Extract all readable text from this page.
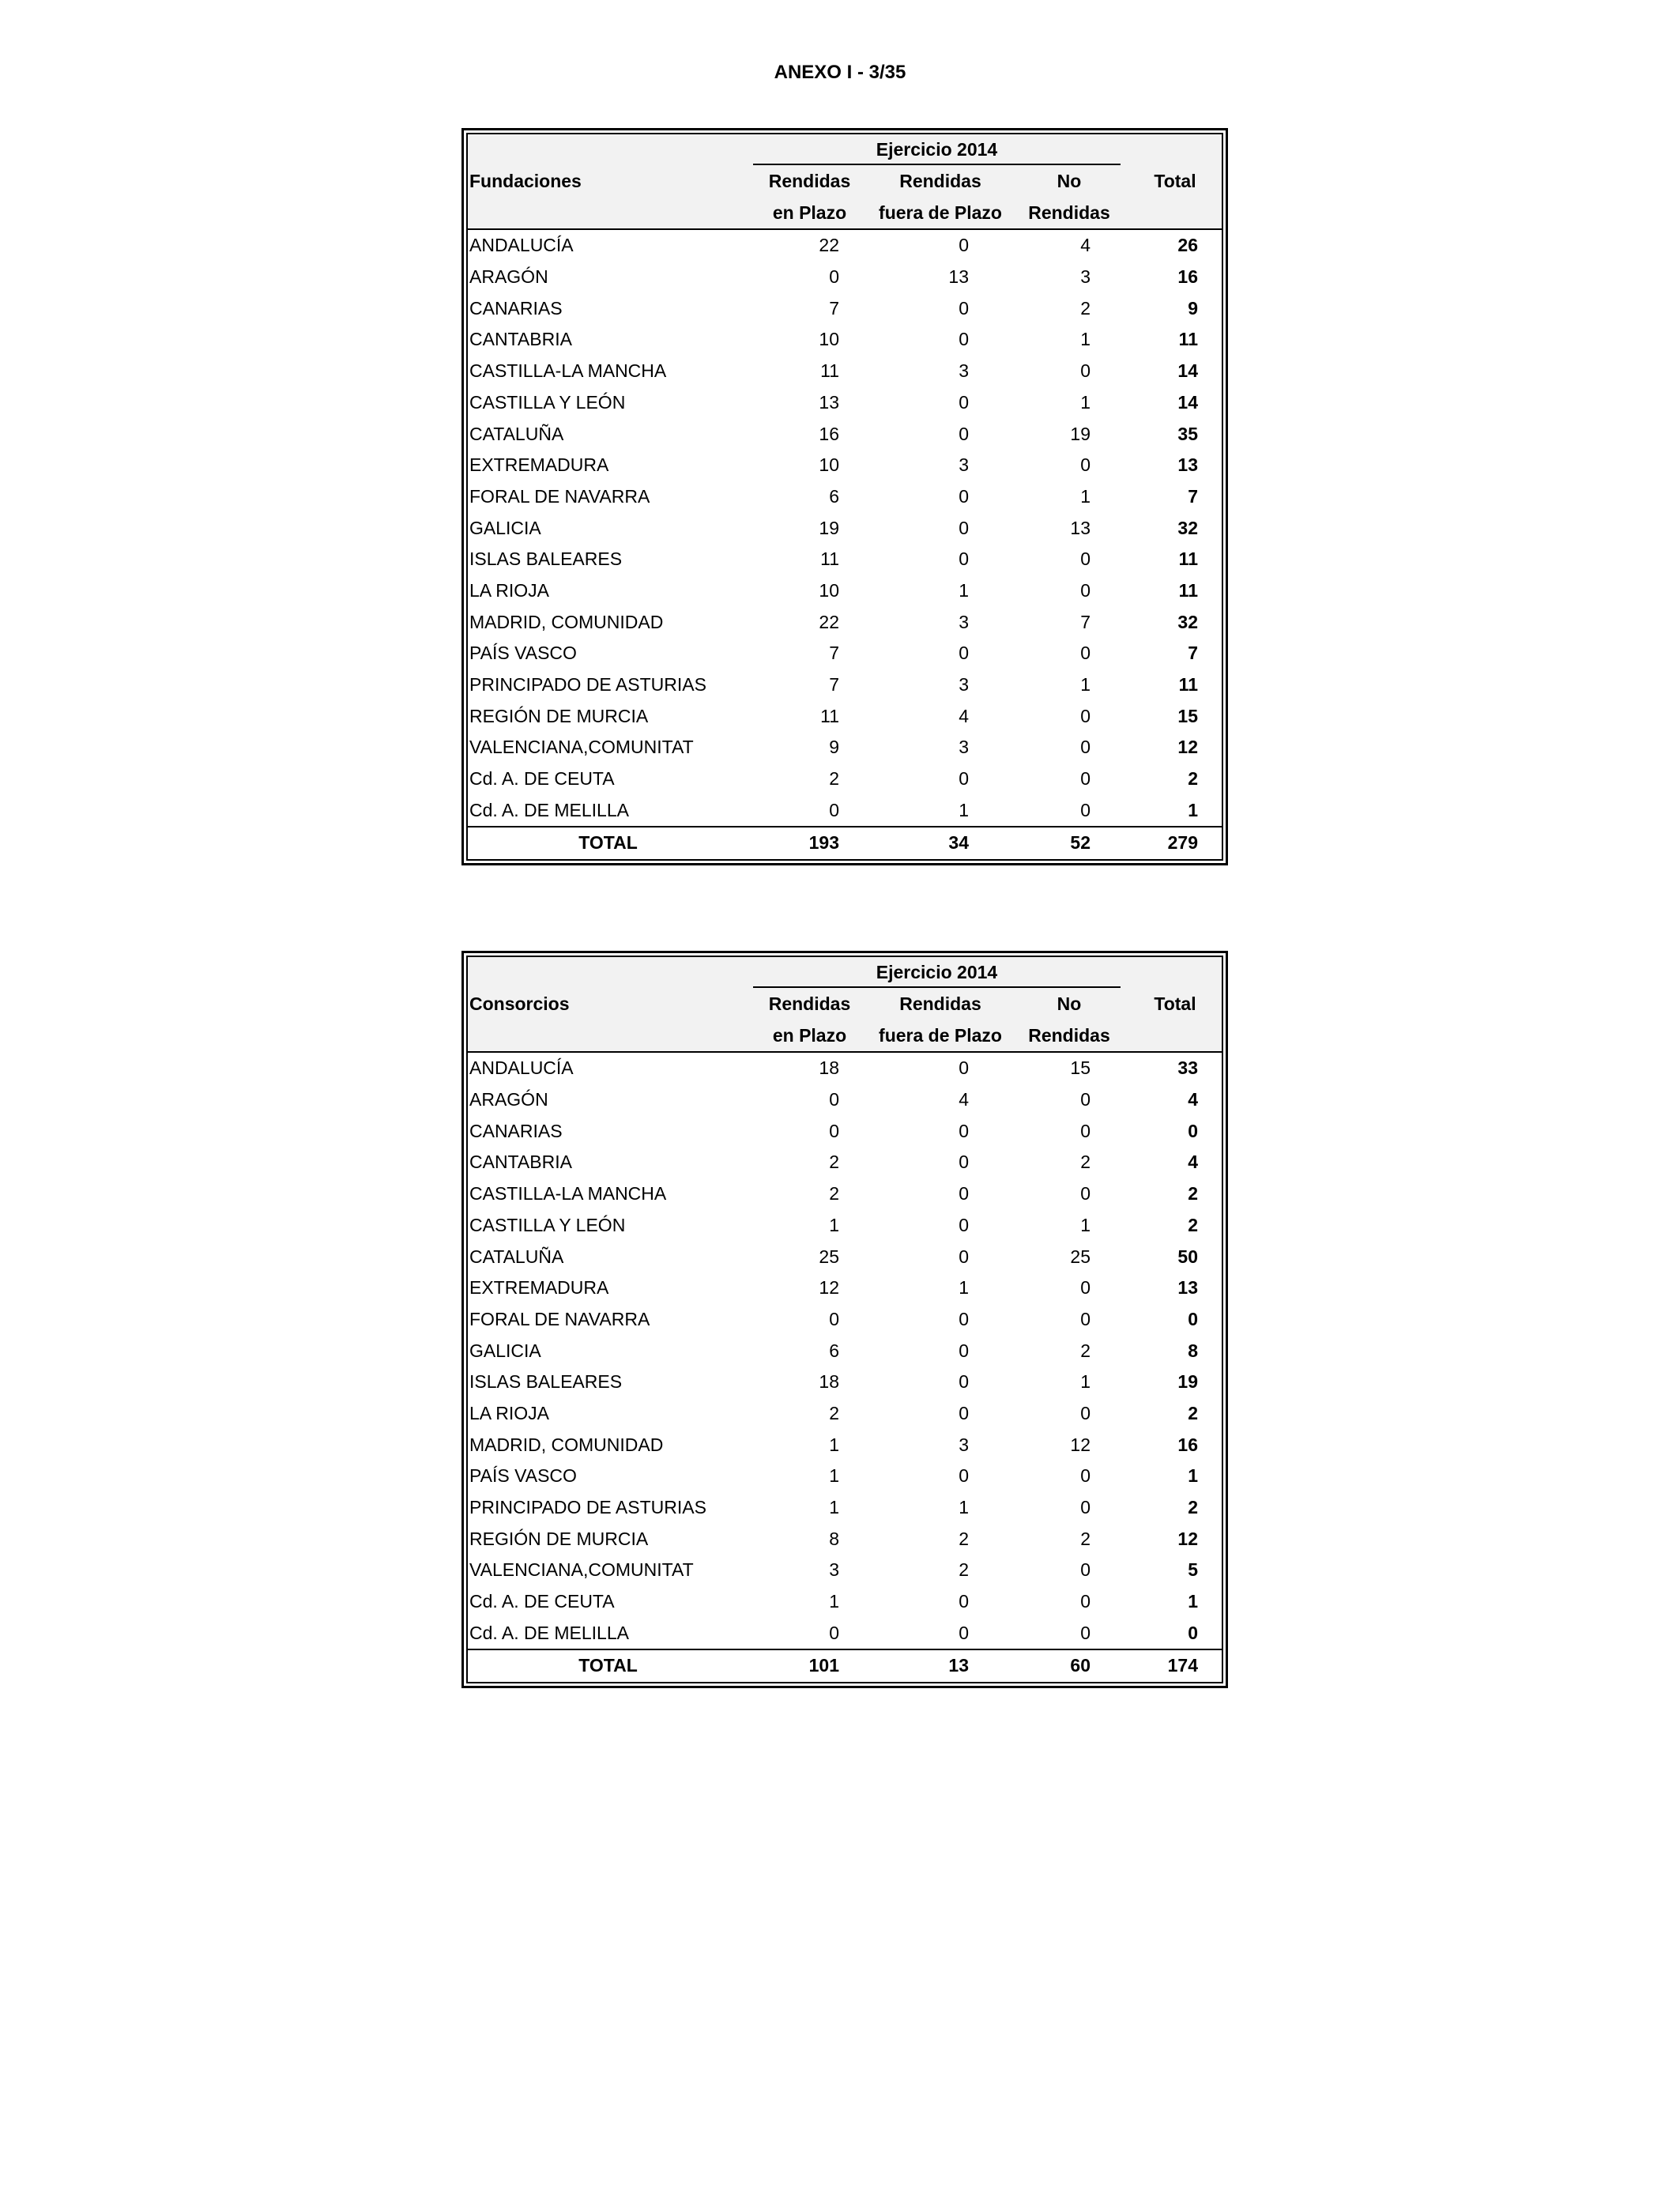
ANEXO I - 3/35

	Ejercicio 2014			

Fundaciones	Rendidas	Rendidas	No	Total
	en Plazo	fuera de Plazo	Rendidas	
ANDALUCÍA	22	0	4	26
ARAGÓN	0	13	3	16
CANARIAS	7	0	2	9
CANTABRIA	10	0	1	11
CASTILLA-LA MANCHA	11	3	0	14
CASTILLA Y LEÓN	13	0	1	14
CATALUÑA	16	0	19	35
EXTREMADURA	10	3	0	13
FORAL DE NAVARRA	6	0	1	7
GALICIA	19	0	13	32
ISLAS BALEARES	11	0	0	11
LA RIOJA	10	1	0	11
MADRID, COMUNIDAD	22	3	7	32
PAÍS VASCO	7	0	0	7
PRINCIPADO DE ASTURIAS	7	3	1	11
REGIÓN DE MURCIA	11	4	0	15
VALENCIANA,COMUNITAT	9	3	0	12
Cd. A. DE CEUTA	2	0	0	2
Cd. A. DE MELILLA	0	1	0	1
TOTAL	193	34	52	279

	Ejercicio 2014			

Consorcios	Rendidas	Rendidas	No	Total
	en Plazo	fuera de Plazo	Rendidas	
ANDALUCÍA	18	0	15	33
ARAGÓN	0	4	0	4
CANARIAS	0	0	0	0
CANTABRIA	2	0	2	4
CASTILLA-LA MANCHA	2	0	0	2
CASTILLA Y LEÓN	1	0	1	2
CATALUÑA	25	0	25	50
EXTREMADURA	12	1	0	13
FORAL DE NAVARRA	0	0	0	0
GALICIA	6	0	2	8
ISLAS BALEARES	18	0	1	19
LA RIOJA	2	0	0	2
MADRID, COMUNIDAD	1	3	12	16
PAÍS VASCO	1	0	0	1
PRINCIPADO DE ASTURIAS	1	1	0	2
REGIÓN DE MURCIA	8	2	2	12
VALENCIANA,COMUNITAT	3	2	0	5
Cd. A. DE CEUTA	1	0	0	1
Cd. A. DE MELILLA	0	0	0	0
TOTAL	101	13	60	174
